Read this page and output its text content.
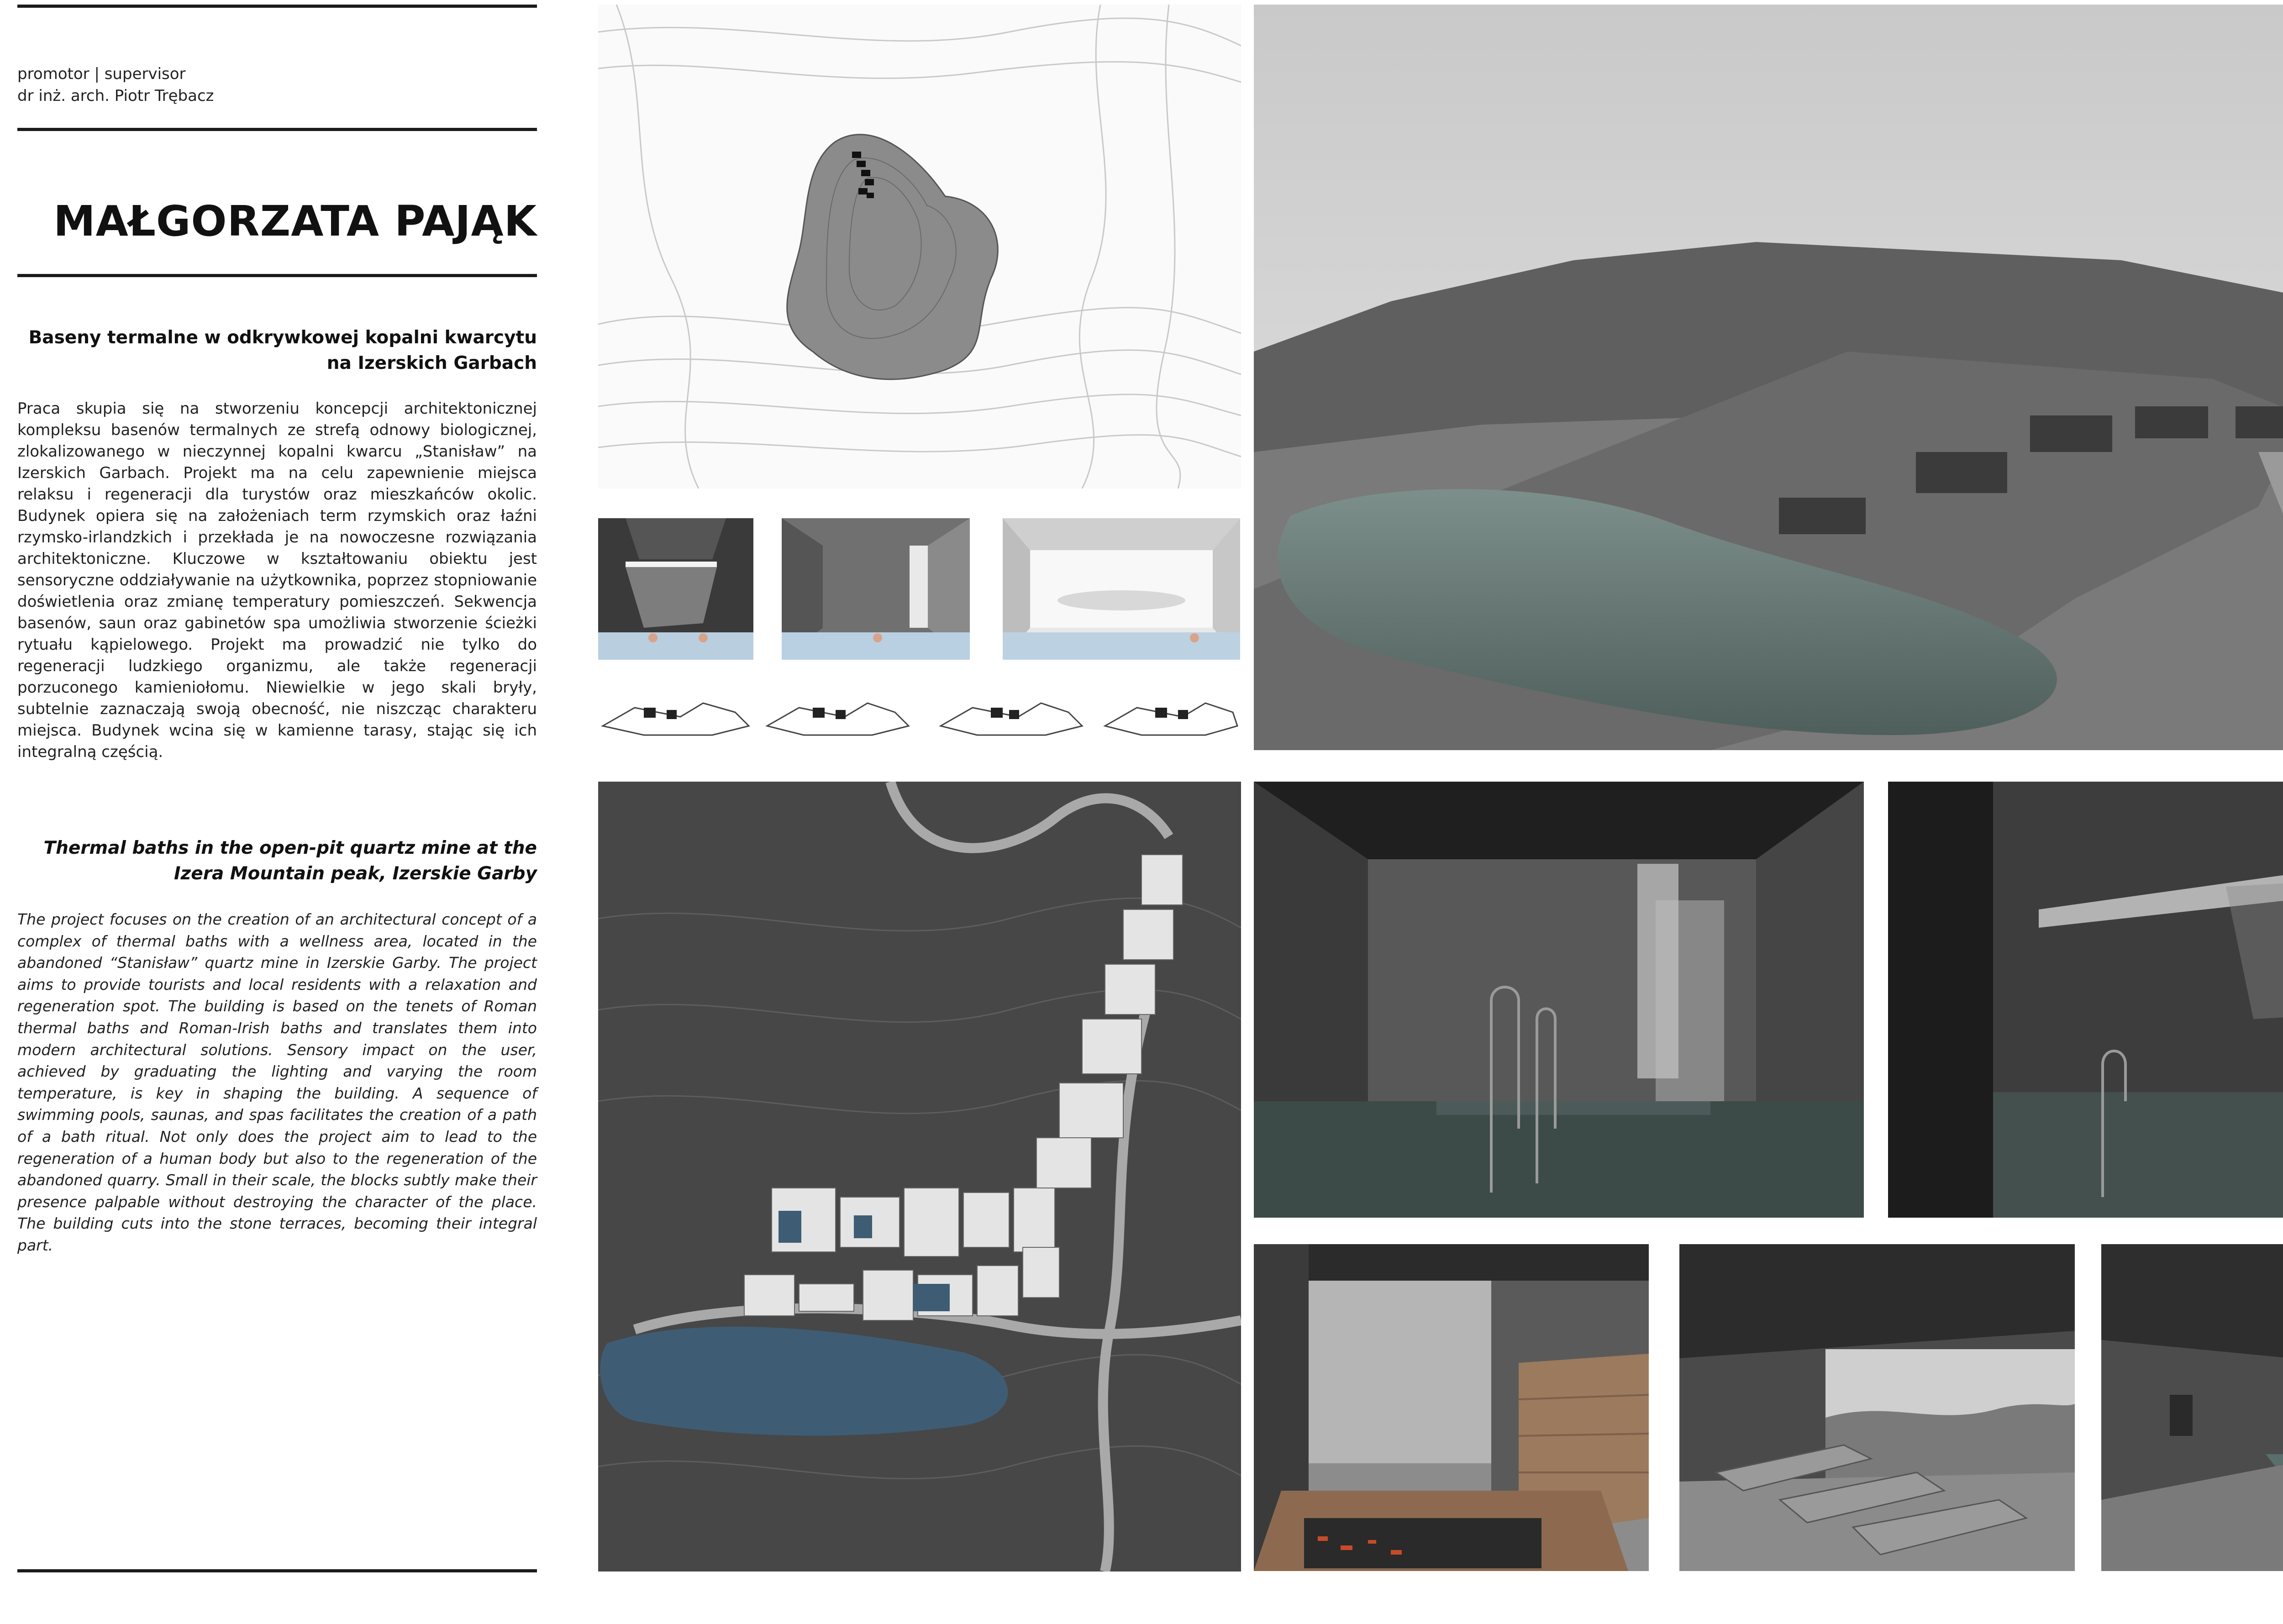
promotor | supervisor
dr inż. arch. Piotr Trębacz
MAŁGORZATA PAJĄK
Baseny termalne w odkrywkowej kopalni kwarcytu na Izerskich Garbach
Praca skupia się na stworzeniu koncepcji architektonicznej kompleksu basenów termalnych ze strefą odnowy biologicznej, zlokalizowanego w nieczynnej kopalni kwarcu „Stanisław” na Izerskich Garbach. Projekt ma na celu zapewnienie miejsca relaksu i regeneracji dla turystów oraz mieszkańców okolic. Budynek opiera się na założeniach term rzymskich oraz łaźni rzymsko-irlandzkich i przekłada je na nowoczesne rozwiązania architektoniczne. Kluczowe w kształtowaniu obiektu jest sensoryczne oddziaływanie na użytkownika, poprzez stopniowanie doświetlenia oraz zmianę temperatury pomieszczeń. Sekwencja basenów, saun oraz gabinetów spa umożliwia stworzenie ścieżki rytuału kąpielowego. Projekt ma prowadzić nie tylko do regeneracji ludzkiego organizmu, ale także regeneracji porzuconego kamieniołomu. Niewielkie w jego skali bryły, subtelnie zaznaczają swoją obecność, nie niszcząc charakteru miejsca. Budynek wcina się w kamienne tarasy, stając się ich integralną częścią.
Thermal baths in the open-pit quartz mine at the Izera Mountain peak, Izerskie Garby
The project focuses on the creation of an architectural concept of a complex of thermal baths with a wellness area, located in the abandoned “Stanisław” quartz mine in Izerskie Garby. The project aims to provide tourists and local residents with a relaxation and regeneration spot. The building is based on the tenets of Roman thermal baths and Roman-Irish baths and translates them into modern architectural solutions. Sensory impact on the user, achieved by graduating the lighting and varying the room temperature, is key in shaping the building. A sequence of swimming pools, saunas, and spas facilitates the creation of a path of a bath ritual. Not only does the project aim to lead to the regeneration of a human body but also to the regeneration of the abandoned quarry. Small in their scale, the blocks subtly make their presence palpable without destroying the character of the place. The building cuts into the stone terraces, becoming their integral part.
